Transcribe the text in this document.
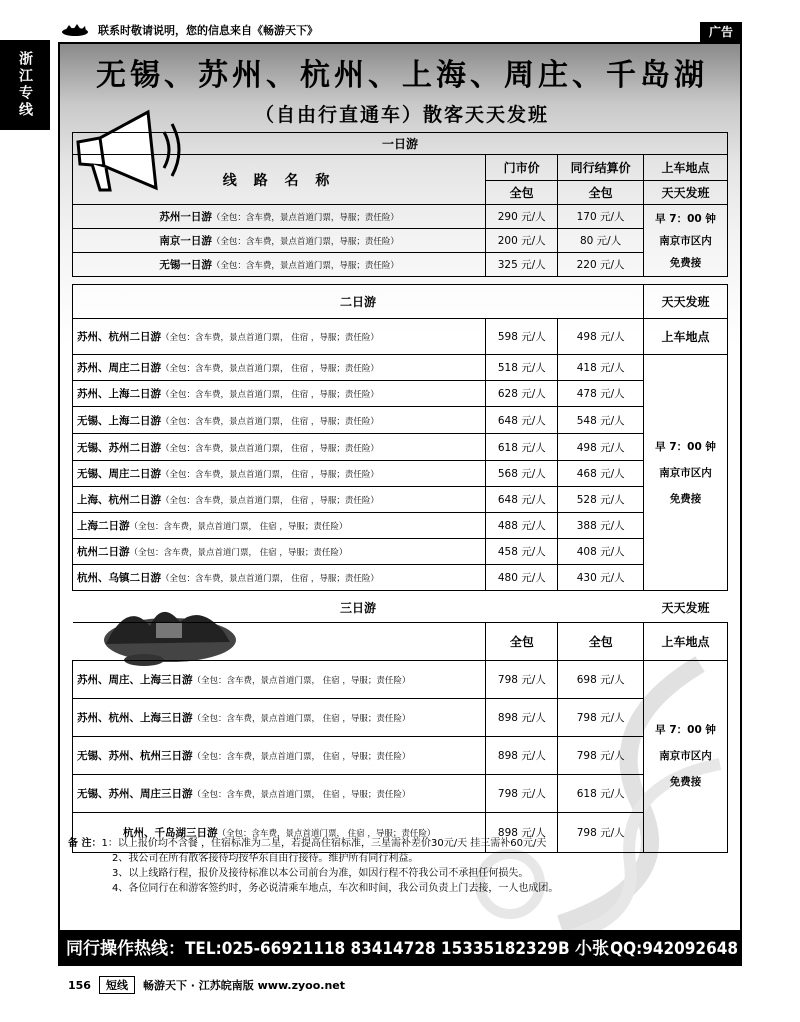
联系时敬请说明，您的信息来自《畅游天下》	广告
浙江专线	无锡、苏州、杭州、上海、周庄、千岛湖
（自由行直通车）散客天天发班
一日游			
线 路 名 称	门市价	同行结算价	上车地点
	全包	全包	天天发班
苏州一日游（全包：含车费，景点首道门票，导服；责任险）	290 元/人	170 元/人	早 7：00 钟
南京市区内
免费接

南京一日游（全包：含车费，景点首道门票，导服；责任险）	200 元/人	80 元/人	
无锡一日游（全包：含车费，景点首道门票，导服；责任险）	325 元/人	220 元/人	
二日游			天天发班
苏州、杭州二日游（全包：含车费，景点首道门票， 住宿 ，导服；责任险）	598 元/人	498 元/人	上车地点
苏州、周庄二日游（全包：含车费，景点首道门票， 住宿 ，导服；责任险）	518 元/人	418 元/人	早 7：00 钟
南京市区内
免费接

苏州、上海二日游（全包：含车费，景点首道门票， 住宿 ，导服；责任险）	628 元/人	478 元/人	
无锡、上海二日游（全包：含车费，景点首道门票， 住宿 ，导服；责任险）	648 元/人	548 元/人	
无锡、苏州二日游（全包：含车费，景点首道门票， 住宿 ，导服；责任险）	618 元/人	498 元/人	
无锡、周庄二日游（全包：含车费，景点首道门票， 住宿 ，导服；责任险）	568 元/人	468 元/人	
上海、杭州二日游（全包：含车费，景点首道门票， 住宿 ，导服；责任险）	648 元/人	528 元/人	
上海二日游（全包：含车费，景点首道门票， 住宿 ，导服；责任险）	488 元/人	388 元/人	
杭州二日游（全包：含车费，景点首道门票， 住宿 ，导服；责任险）	458 元/人	408 元/人	
杭州、乌镇二日游（全包：含车费，景点首道门票， 住宿 ，导服；责任险）	480 元/人	430 元/人	
三日游			天天发班
	全包	全包	上车地点
苏州、周庄、上海三日游（全包：含车费，景点首道门票， 住宿 ，导服；责任险）	798 元/人	698 元/人	早 7：00 钟
南京市区内
免费接

苏州、杭州、上海三日游（全包：含车费，景点首道门票， 住宿 ，导服；责任险）	898 元/人	798 元/人	
无锡、苏州、杭州三日游（全包：含车费，景点首道门票， 住宿 ，导服；责任险）	898 元/人	798 元/人	
无锡、苏州、周庄三日游（全包：含车费，景点首道门票， 住宿 ，导服；责任险）	798 元/人	618 元/人	
杭州、千岛湖三日游（全包：含车费，景点首道门票， 住宿 ，导服；责任险）	898 元/人	798 元/人	
备 注：1：以上报价均不含餐 ，住宿标准为二星，若提高住宿标准，三星需补差价30元/天 挂三需补60元/天
2、我公司在所有散客接待均按华东自由行接待。维护所有同行利益。
3、以上线路行程，报价及接待标准以本公司前台为准，如因行程不符我公司不承担任何损失。
4、各位同行在和游客签约时，务必说清乘车地点，车次和时间，我公司负责上门去接，一人也成团。
同行操作热线：TEL:025-66921118 83414728 15335182329B 小张 QQ:942092648
156	短线	畅游天下 · 江苏皖南版 www.zyoo.net
